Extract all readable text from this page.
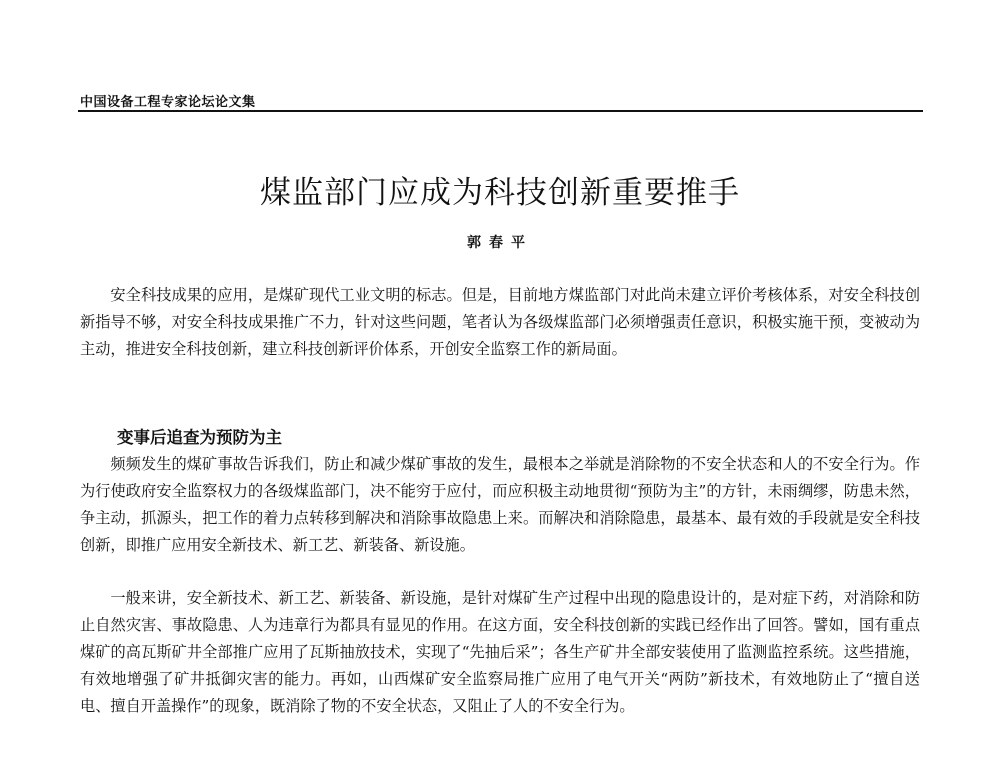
中国设备工程专家论坛论文集
煤监部门应成为科技创新重要推手
郭春平

安全科技成果的应用，是煤矿现代工业文明的标志。但是，目前地方煤监部门对此尚未建立评价考核体系，对安全科技创新指导不够，对安全科技成果推广不力，针对这些问题，笔者认为各级煤监部门必须增强责任意识，积极实施干预，变被动为主动，推进安全科技创新，建立科技创新评价体系，开创安全监察工作的新局面。

变事后追查为预防为主

频频发生的煤矿事故告诉我们，防止和减少煤矿事故的发生，最根本之举就是消除物的不安全状态和人的不安全行为。作为行使政府安全监察权力的各级煤监部门，决不能穷于应付，而应积极主动地贯彻“预防为主”的方针，未雨绸缪，防患未然，争主动，抓源头，把工作的着力点转移到解决和消除事故隐患上来。而解决和消除隐患，最基本、最有效的手段就是安全科技创新，即推广应用安全新技术、新工艺、新装备、新设施。

一般来讲，安全新技术、新工艺、新装备、新设施，是针对煤矿生产过程中出现的隐患设计的，是对症下药，对消除和防止自然灾害、事故隐患、人为违章行为都具有显见的作用。在这方面，安全科技创新的实践已经作出了回答。譬如，国有重点煤矿的高瓦斯矿井全部推广应用了瓦斯抽放技术，实现了“先抽后采”；各生产矿井全部安装使用了监测监控系统。这些措施，有效地增强了矿井抵御灾害的能力。再如，山西煤矿安全监察局推广应用了电气开关“两防”新技术，有效地防止了“擅自送电、擅自开盖操作”的现象，既消除了物的不安全状态，又阻止了人的不安全行为。
